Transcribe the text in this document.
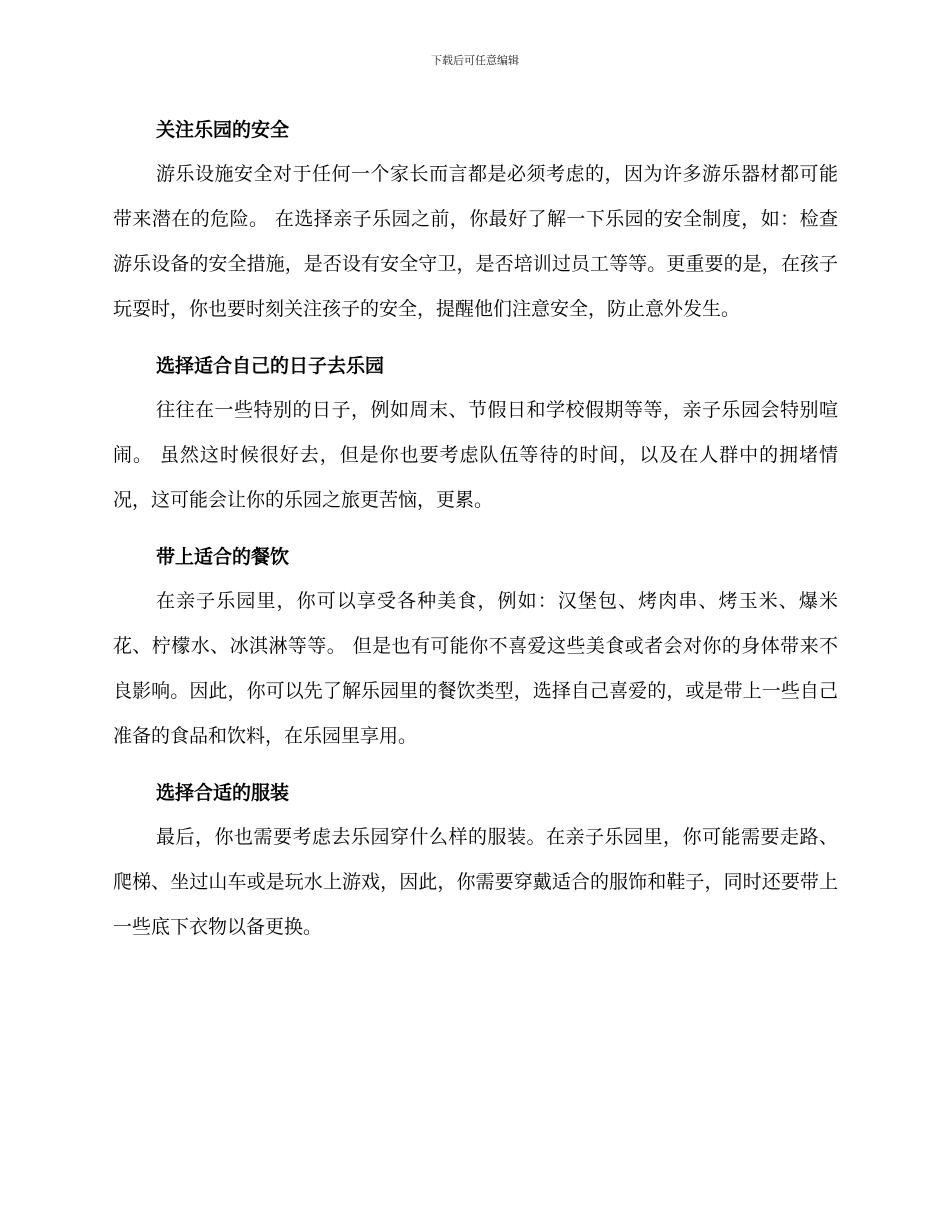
下载后可任意编辑

关注乐园的安全

游乐设施安全对于任何一个家长而言都是必须考虑的，因为许多游乐器材都可能带来潜在的危险。 在选择亲子乐园之前，你最好了解一下乐园的安全制度，如：检查游乐设备的安全措施，是否设有安全守卫，是否培训过员工等等。更重要的是，在孩子玩耍时，你也要时刻关注孩子的安全，提醒他们注意安全，防止意外发生。

选择适合自己的日子去乐园

往往在一些特别的日子，例如周末、节假日和学校假期等等，亲子乐园会特别喧闹。 虽然这时候很好去，但是你也要考虑队伍等待的时间，以及在人群中的拥堵情况，这可能会让你的乐园之旅更苦恼，更累。

带上适合的餐饮

在亲子乐园里，你可以享受各种美食，例如：汉堡包、烤肉串、烤玉米、爆米花、柠檬水、冰淇淋等等。 但是也有可能你不喜爱这些美食或者会对你的身体带来不良影响。因此，你可以先了解乐园里的餐饮类型，选择自己喜爱的，或是带上一些自己准备的食品和饮料，在乐园里享用。

选择合适的服装

最后，你也需要考虑去乐园穿什么样的服装。在亲子乐园里，你可能需要走路、爬梯、坐过山车或是玩水上游戏，因此，你需要穿戴适合的服饰和鞋子，同时还要带上一些底下衣物以备更换。
